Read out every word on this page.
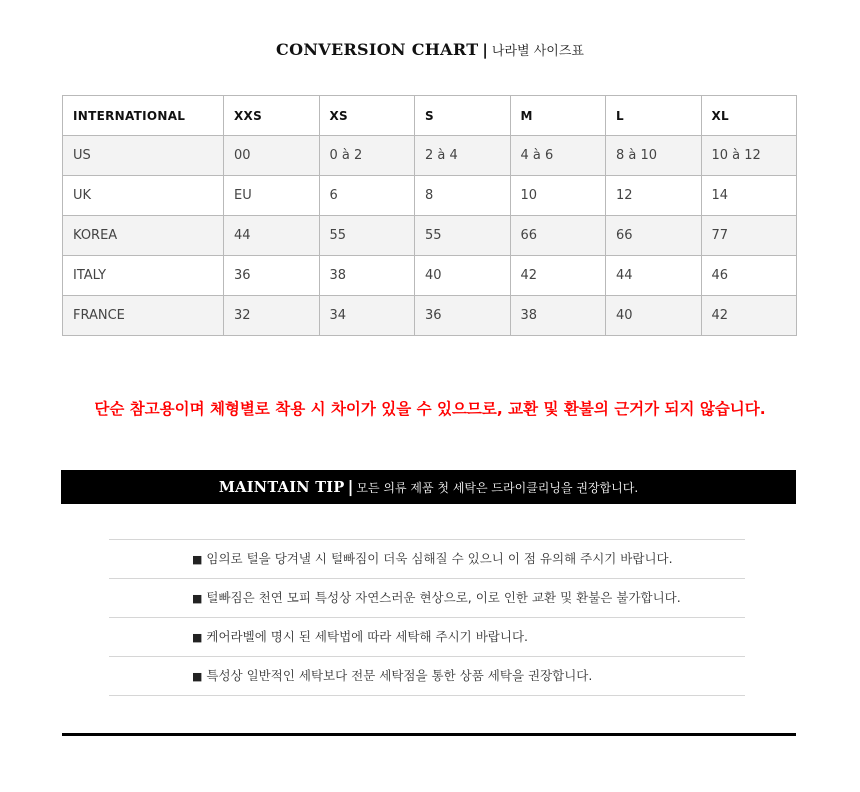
CONVERSION CHART | 나라별 사이즈표
INTERNATIONAL	XXS	XS	S	M	L	XL
US	00	0 à 2	2 à 4	4 à 6	8 à 10	10 à 12
UK	EU	6	8	10	12	14
KOREA	44	55	55	66	66	77
ITALY	36	38	40	42	44	46
FRANCE	32	34	36	38	40	42
단순 참고용이며 체형별로 착용 시 차이가 있을 수 있으므로, 교환 및 환불의 근거가 되지 않습니다.
MAINTAIN TIP | 모든 의류 제품 첫 세탁은 드라이클리닝을 권장합니다.
■ 임의로 털을 당겨낼 시 털빠짐이 더욱 심해질 수 있으니 이 점 유의해 주시기 바랍니다.
■ 털빠짐은 천연 모피 특성상 자연스러운 현상으로, 이로 인한 교환 및 환불은 불가합니다.
■ 케어라벨에 명시 된 세탁법에 따라 세탁해 주시기 바랍니다.
■ 특성상 일반적인 세탁보다 전문 세탁점을 통한 상품 세탁을 권장합니다.
